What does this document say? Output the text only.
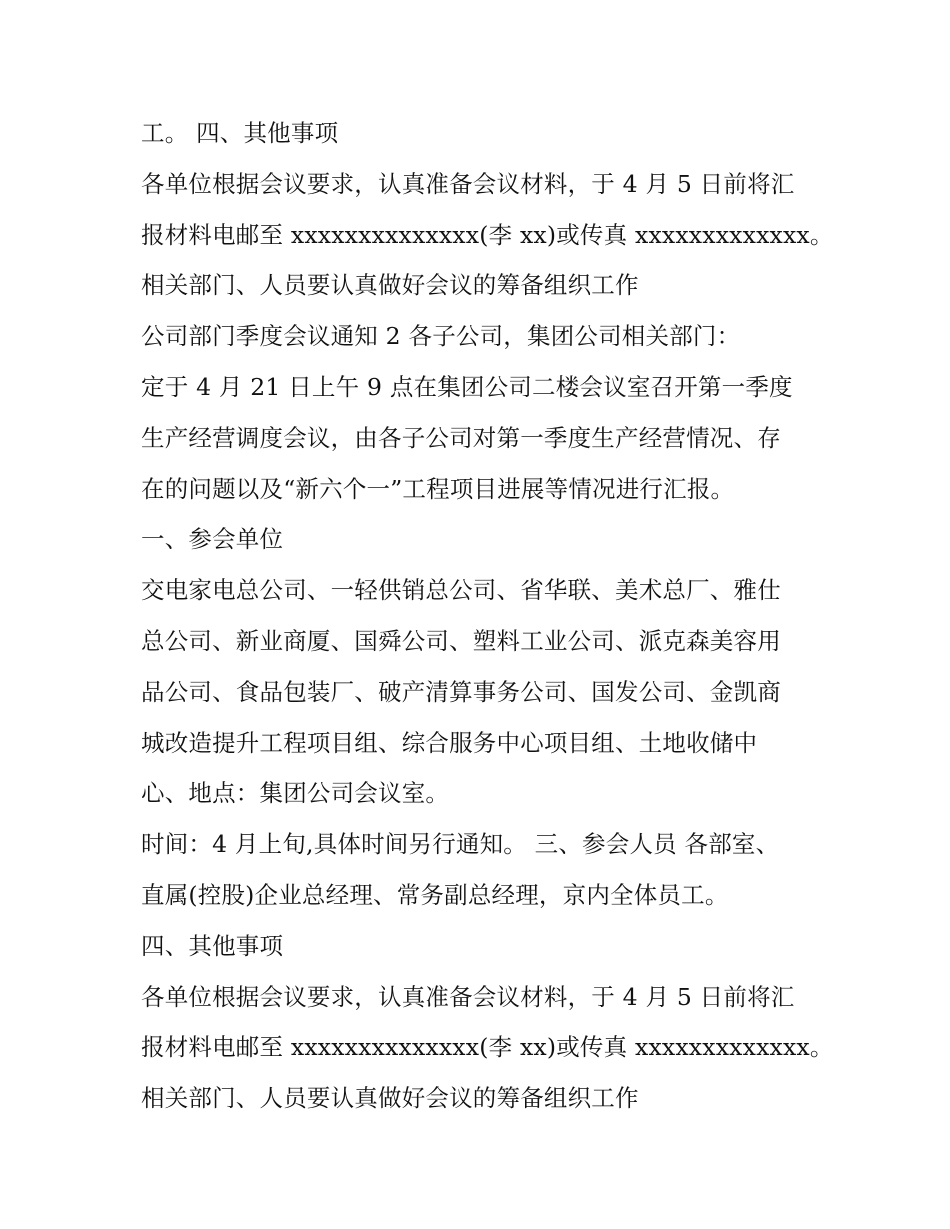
工。 四、其他事项
各单位根据会议要求，认真准备会议材料，于 4 月 5 日前将汇
报材料电邮至 xxxxxxxxxxxxxx(李 xx)或传真 xxxxxxxxxxxxx。
相关部门、人员要认真做好会议的筹备组织工作
公司部门季度会议通知 2 各子公司，集团公司相关部门：
定于 4 月 21 日上午 9 点在集团公司二楼会议室召开第一季度
生产经营调度会议，由各子公司对第一季度生产经营情况、存
在的问题以及“新六个一”工程项目进展等情况进行汇报。
一、参会单位
交电家电总公司、一轻供销总公司、省华联、美术总厂、雅仕
总公司、新业商厦、国舜公司、塑料工业公司、派克森美容用
品公司、食品包装厂、破产清算事务公司、国发公司、金凯商
城改造提升工程项目组、综合服务中心项目组、土地收储中
心、地点：集团公司会议室。
时间：4 月上旬,具体时间另行通知。 三、参会人员 各部室、
直属(控股)企业总经理、常务副总经理，京内全体员工。
四、其他事项
各单位根据会议要求，认真准备会议材料，于 4 月 5 日前将汇
报材料电邮至 xxxxxxxxxxxxxx(李 xx)或传真 xxxxxxxxxxxxx。
相关部门、人员要认真做好会议的筹备组织工作
